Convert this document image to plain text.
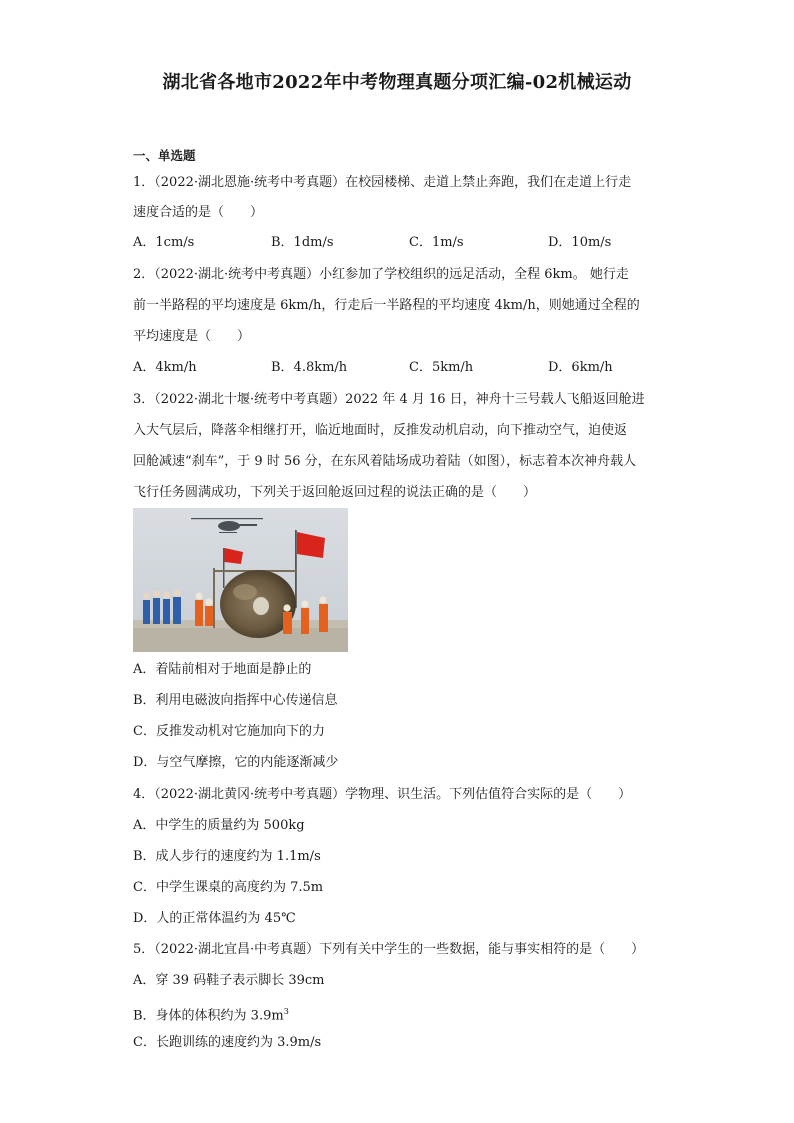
湖北省各地市2022年中考物理真题分项汇编-02机械运动
一、单选题
1．（2022·湖北恩施·统考中考真题）在校园楼梯、走道上禁止奔跑，我们在走道上行走
速度合适的是（　　）
A．1cm/s	B．1dm/s	C．1m/s	D．10m/s
2．（2022·湖北·统考中考真题）小红参加了学校组织的远足活动，全程 6km。 她行走
前一半路程的平均速度是 6km/h，行走后一半路程的平均速度 4km/h，则她通过全程的
平均速度是（　　）
A．4km/h	B．4.8km/h	C．5km/h	D．6km/h
3．（2022·湖北十堰·统考中考真题）2022 年 4 月 16 日，神舟十三号载人飞船返回舱进
入大气层后，降落伞相继打开，临近地面时，反推发动机启动，向下推动空气，迫使返
回舱减速“刹车”，于 9 时 56 分，在东风着陆场成功着陆（如图），标志着本次神舟载人
飞行任务圆满成功，下列关于返回舱返回过程的说法正确的是（　　）
A．着陆前相对于地面是静止的
B．利用电磁波向指挥中心传递信息
C．反推发动机对它施加向下的力
D．与空气摩擦，它的内能逐渐减少
4．（2022·湖北黄冈·统考中考真题）学物理、识生活。下列估值符合实际的是（　　）
A．中学生的质量约为 500kg
B．成人步行的速度约为 1.1m/s
C．中学生课桌的高度约为 7.5m
D．人的正常体温约为 45℃
5．（2022·湖北宜昌·中考真题）下列有关中学生的一些数据，能与事实相符的是（　　）
A．穿 39 码鞋子表示脚长 39cm
B．身体的体积约为 $3.9m^3$
C．长跑训练的速度约为 3.9m/s
